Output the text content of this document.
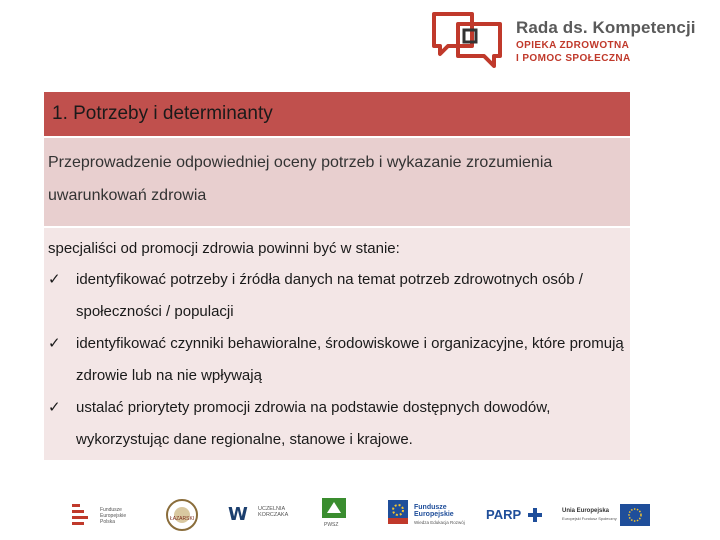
Rada ds. Kompetencji
OPIEKA ZDROWOTNA
I POMOC SPOŁECZNA
1. Potrzeby i determinanty
Przeprowadzenie odpowiedniej oceny potrzeb i wykazanie zrozumienia uwarunkowań zdrowia
specjaliści od promocji zdrowia powinni być w stanie:
✓	identyfikować potrzeby i źródła danych na temat potrzeb zdrowotnych osób / społeczności / populacji
✓	identyfikować czynniki behawioralne, środowiskowe i organizacyjne, które promują zdrowie lub na nie wpływają
✓	ustalać priorytety promocji zdrowia na podstawie dostępnych dowodów, wykorzystując dane regionalne, stanowe i krajowe.
Fundusze Europejskie Polska	ŁAZARSKI W UCZELNIA KORCZAKA
PWSZ
Fundusze Europejskie
Wiedza Edukacja Rozwój
PARP	Unia Europejska
Europejski Fundusz Społeczny
